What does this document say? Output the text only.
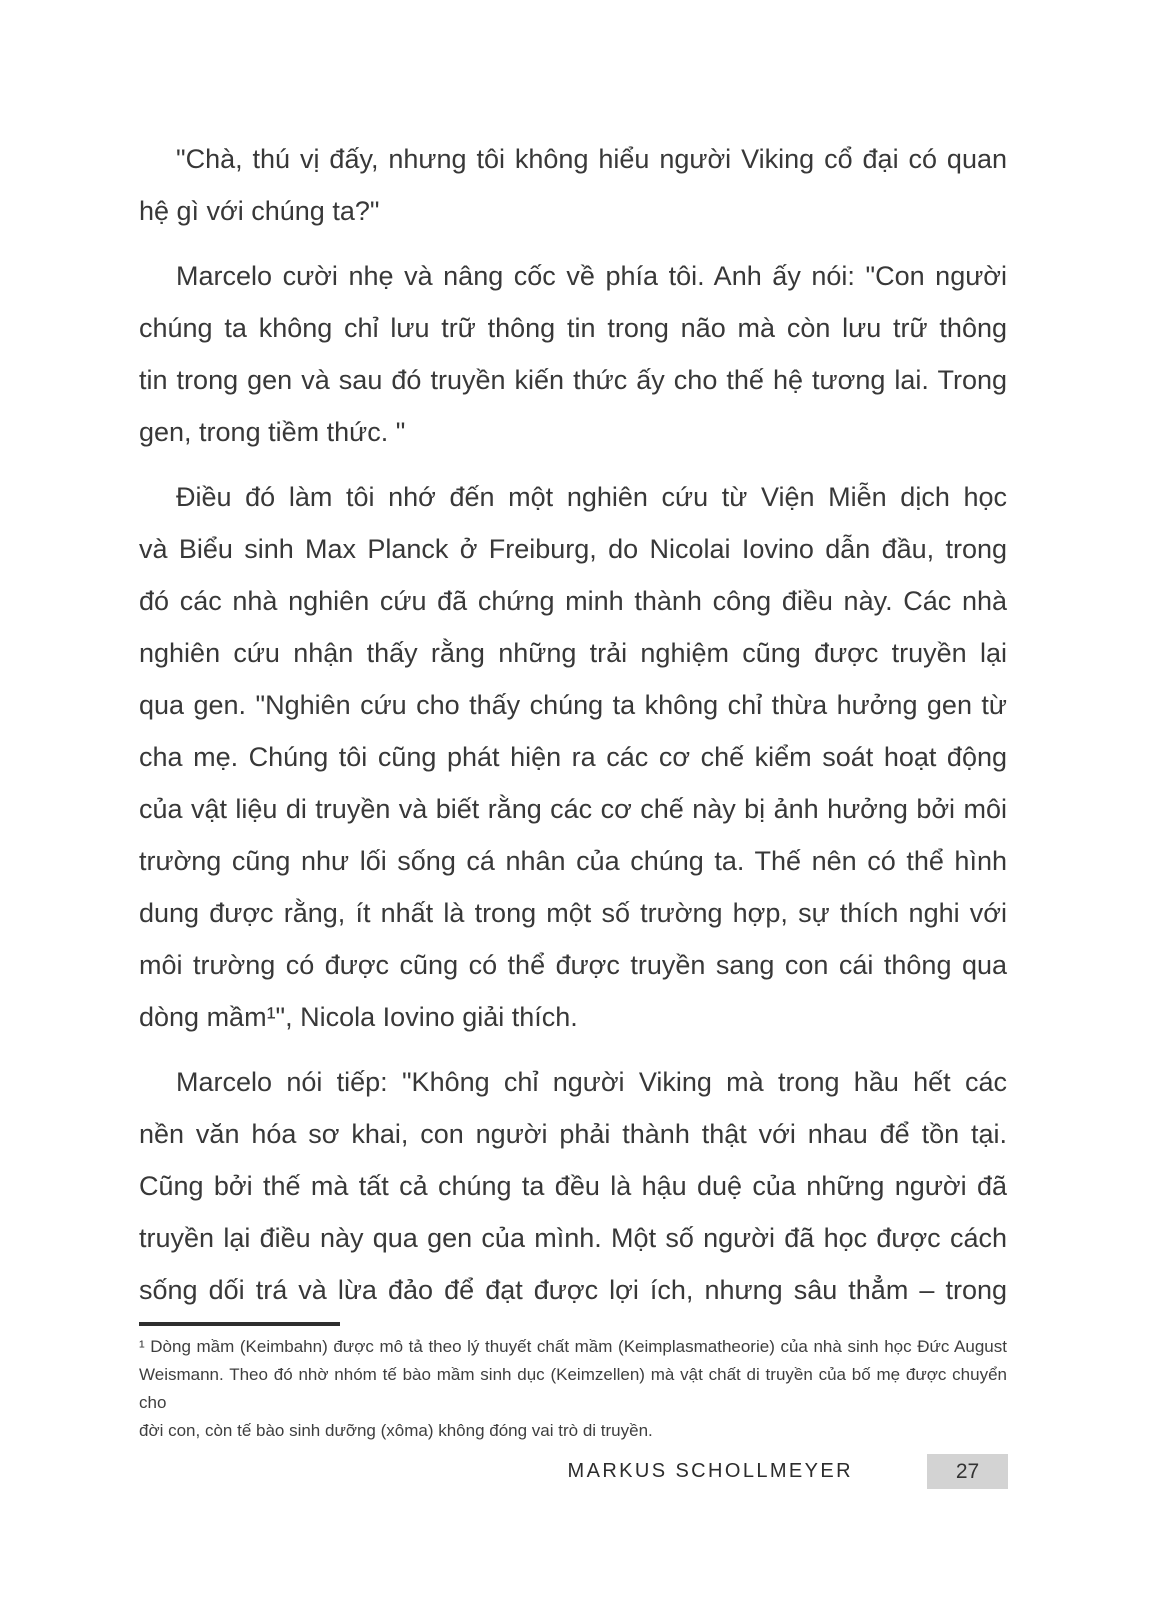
"Chà, thú vị đấy, nhưng tôi không hiểu người Viking cổ đại có quan
hệ gì với chúng ta?"
Marcelo cười nhẹ và nâng cốc về phía tôi. Anh ấy nói: "Con người
chúng ta không chỉ lưu trữ thông tin trong não mà còn lưu trữ thông
tin trong gen và sau đó truyền kiến thức ấy cho thế hệ tương lai. Trong
gen, trong tiềm thức. "
Điều đó làm tôi nhớ đến một nghiên cứu từ Viện Miễn dịch học
và Biểu sinh Max Planck ở Freiburg, do Nicolai Iovino dẫn đầu, trong
đó các nhà nghiên cứu đã chứng minh thành công điều này. Các nhà
nghiên cứu nhận thấy rằng những trải nghiệm cũng được truyền lại
qua gen. "Nghiên cứu cho thấy chúng ta không chỉ thừa hưởng gen từ
cha mẹ. Chúng tôi cũng phát hiện ra các cơ chế kiểm soát hoạt động
của vật liệu di truyền và biết rằng các cơ chế này bị ảnh hưởng bởi môi
trường cũng như lối sống cá nhân của chúng ta. Thế nên có thể hình
dung được rằng, ít nhất là trong một số trường hợp, sự thích nghi với
môi trường có được cũng có thể được truyền sang con cái thông qua
dòng mầm¹", Nicola Iovino giải thích.
Marcelo nói tiếp: "Không chỉ người Viking mà trong hầu hết các
nền văn hóa sơ khai, con người phải thành thật với nhau để tồn tại.
Cũng bởi thế mà tất cả chúng ta đều là hậu duệ của những người đã
truyền lại điều này qua gen của mình. Một số người đã học được cách
sống dối trá và lừa đảo để đạt được lợi ích, nhưng sâu thẳm – trong
¹ Dòng mầm (Keimbahn) được mô tả theo lý thuyết chất mầm (Keimplasmatheorie) của nhà sinh học Đức August
Weismann. Theo đó nhờ nhóm tế bào mầm sinh dục (Keimzellen) mà vật chất di truyền của bố mẹ được chuyển cho
đời con, còn tế bào sinh dưỡng (xôma) không đóng vai trò di truyền.
MARKUS SCHOLLMEYER	27
